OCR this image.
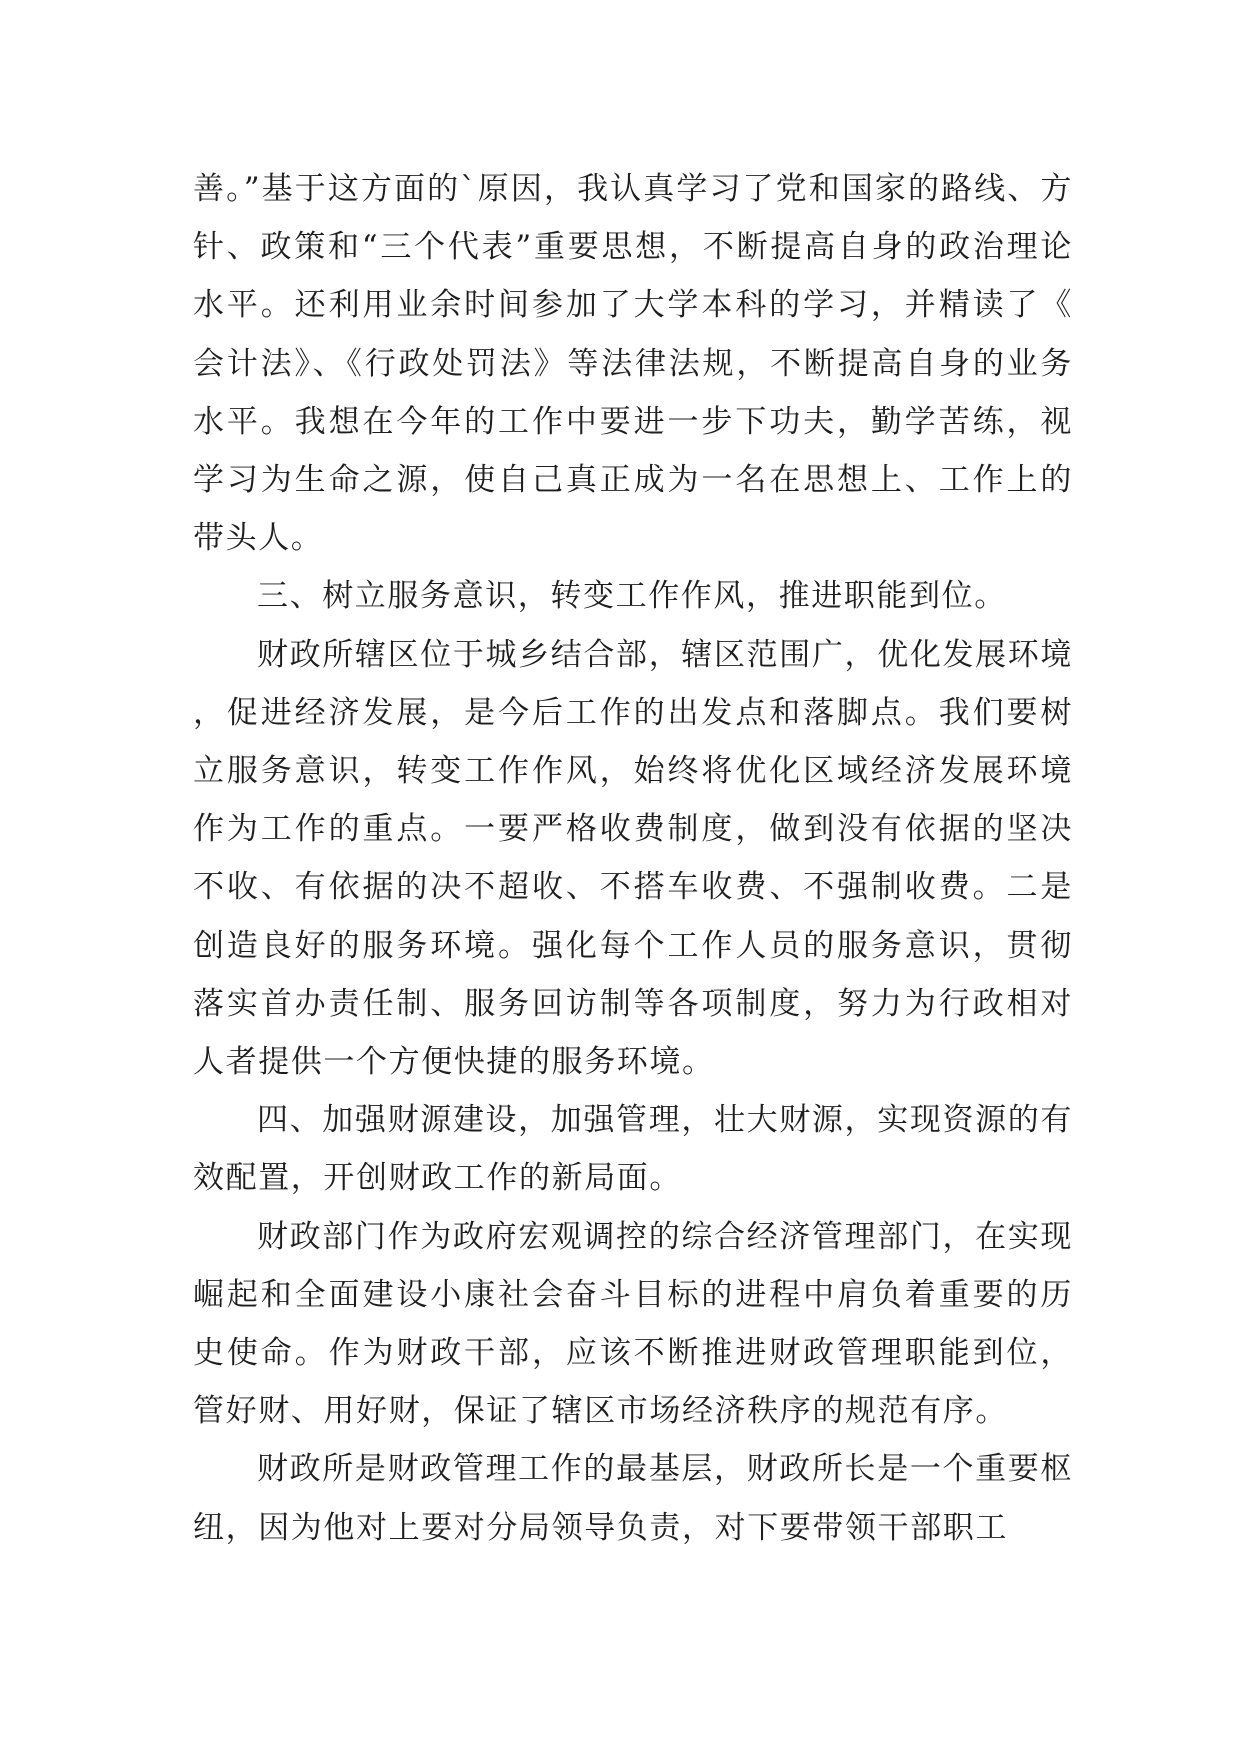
善。”基于这方面的`原因，我认真学习了党和国家的路线、方针、政策和“三个代表”重要思想，不断提高自身的政治理论水平。还利用业余时间参加了大学本科的学习，并精读了《会计法》、《行政处罚法》等法律法规，不断提高自身的业务水平。我想在今年的工作中要进一步下功夫，勤学苦练，视学习为生命之源，使自己真正成为一名在思想上、工作上的带头人。

三、树立服务意识，转变工作作风，推进职能到位。

财政所辖区位于城乡结合部，辖区范围广，优化发展环境，促进经济发展，是今后工作的出发点和落脚点。我们要树立服务意识，转变工作作风，始终将优化区域经济发展环境作为工作的重点。一要严格收费制度，做到没有依据的坚决不收、有依据的决不超收、不搭车收费、不强制收费。二是创造良好的服务环境。强化每个工作人员的服务意识，贯彻落实首办责任制、服务回访制等各项制度，努力为行政相对人者提供一个方便快捷的服务环境。

四、加强财源建设，加强管理，壮大财源，实现资源的有效配置，开创财政工作的新局面。

财政部门作为政府宏观调控的综合经济管理部门，在实现崛起和全面建设小康社会奋斗目标的进程中肩负着重要的历史使命。作为财政干部，应该不断推进财政管理职能到位，管好财、用好财，保证了辖区市场经济秩序的规范有序。

财政所是财政管理工作的最基层，财政所长是一个重要枢纽，因为他对上要对分局领导负责，对下要带领干部职工
